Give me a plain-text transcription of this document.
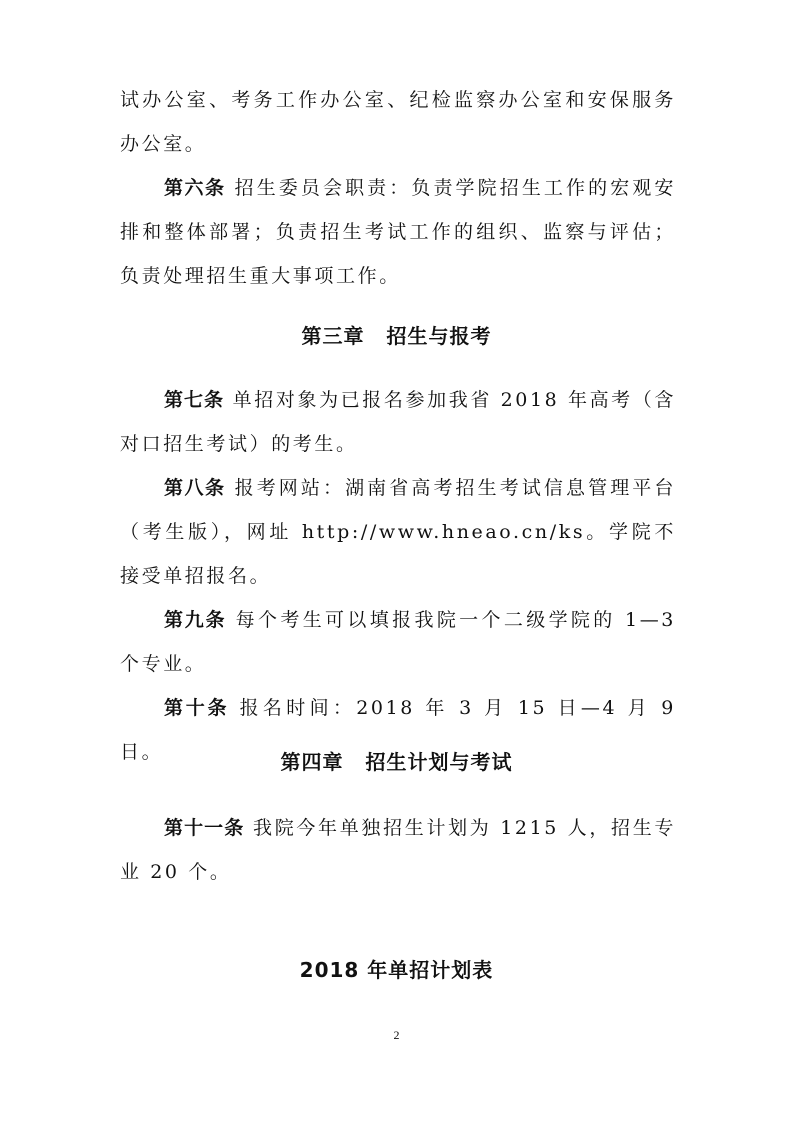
试办公室、考务工作办公室、纪检监察办公室和安保服务办公室。

第六条 招生委员会职责：负责学院招生工作的宏观安排和整体部署；负责招生考试工作的组织、监察与评估；负责处理招生重大事项工作。

第三章 招生与报考

第七条 单招对象为已报名参加我省 2018 年高考（含对口招生考试）的考生。

第八条 报考网站：湖南省高考招生考试信息管理平台（考生版），网址 http://www.hneao.cn/ks。学院不接受单招报名。

第九条 每个考生可以填报我院一个二级学院的 1—3 个专业。

第十条 报名时间：2018 年 3 月 15 日—4 月 9 日。	第四章 招生计划与考试

第十一条 我院今年单独招生计划为 1215 人，招生专业 20 个。

2018 年单招计划表
2
